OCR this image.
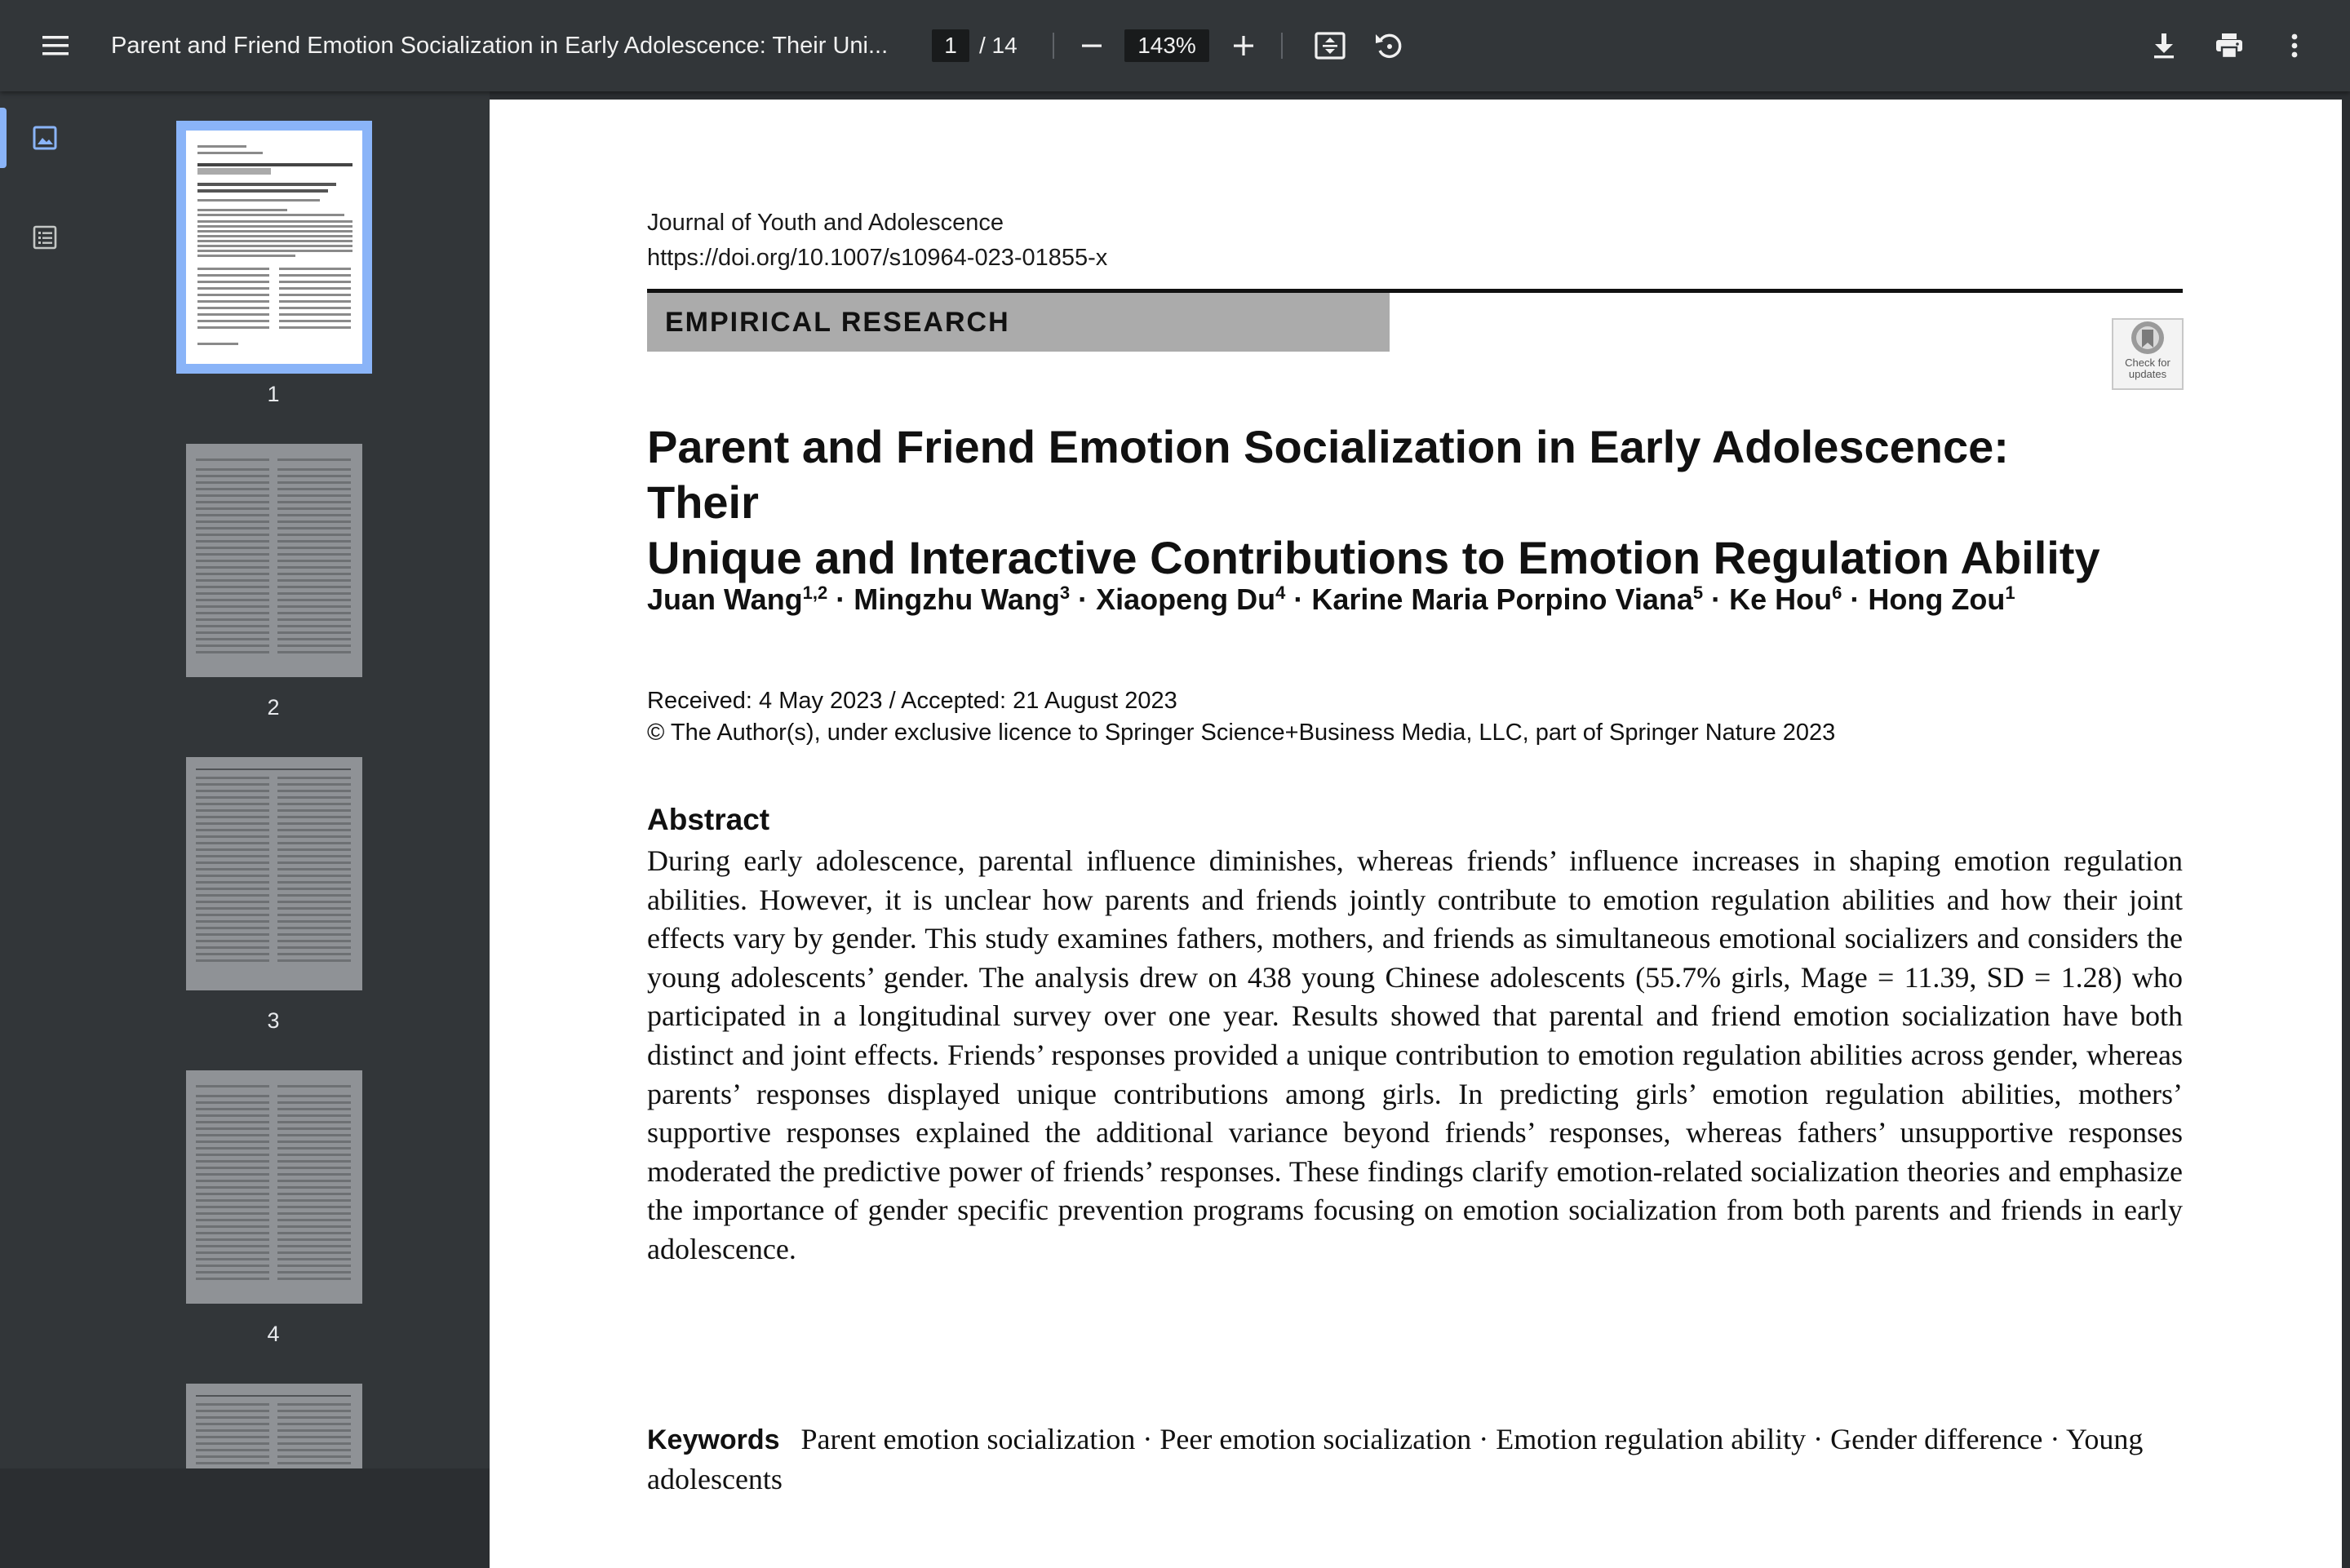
Parent and Friend Emotion Socialization in Early Adolescence: Their Uni...
1	/ 14
143%
1
2
3
4
Journal of Youth and Adolescence
https://doi.org/10.1007/s10964-023-01855-x
EMPIRICAL RESEARCH
Check for updates
Parent and Friend Emotion Socialization in Early Adolescence: Their
Unique and Interactive Contributions to Emotion Regulation Ability
Juan Wang$^{1,2}$ · Mingzhu Wang$^3$ · Xiaopeng $Du^4$ · Karine Maria Porpino Viana$^5$ · Ke Hou$^6$ · Hong Zou$^1$
Received: 4 May 2023 / Accepted: 21 August 2023
© The Author(s), under exclusive licence to Springer Science+Business Media, LLC, part of Springer Nature 2023
Abstract
During early adolescence, parental influence diminishes, whereas friends’ influence increases in shaping emotion regulation abilities. However, it is unclear how parents and friends jointly contribute to emotion regulation abilities and how their joint effects vary by gender. This study examines fathers, mothers, and friends as simultaneous emotional socializers and considers the young adolescents’ gender. The analysis drew on 438 young Chinese adolescents (55.7% girls, Mage = 11.39, SD = 1.28) who participated in a longitudinal survey over one year. Results showed that parental and friend emotion socialization have both distinct and joint effects. Friends’ responses provided a unique contribution to emotion regulation abilities across gender, whereas parents’ responses displayed unique contributions among girls. In predicting girls’ emotion regulation abilities, mothers’ supportive responses explained the additional variance beyond friends’ responses, whereas fathers’ unsupportive responses moderated the predictive power of friends’ responses. These findings clarify emotion-related socialization theories and emphasize the importance of gender specific prevention programs focusing on emotion socialization from both parents and friends in early adolescence.
Keywords Parent emotion socialization · Peer emotion socialization · Emotion regulation ability · Gender difference · Young adolescents
